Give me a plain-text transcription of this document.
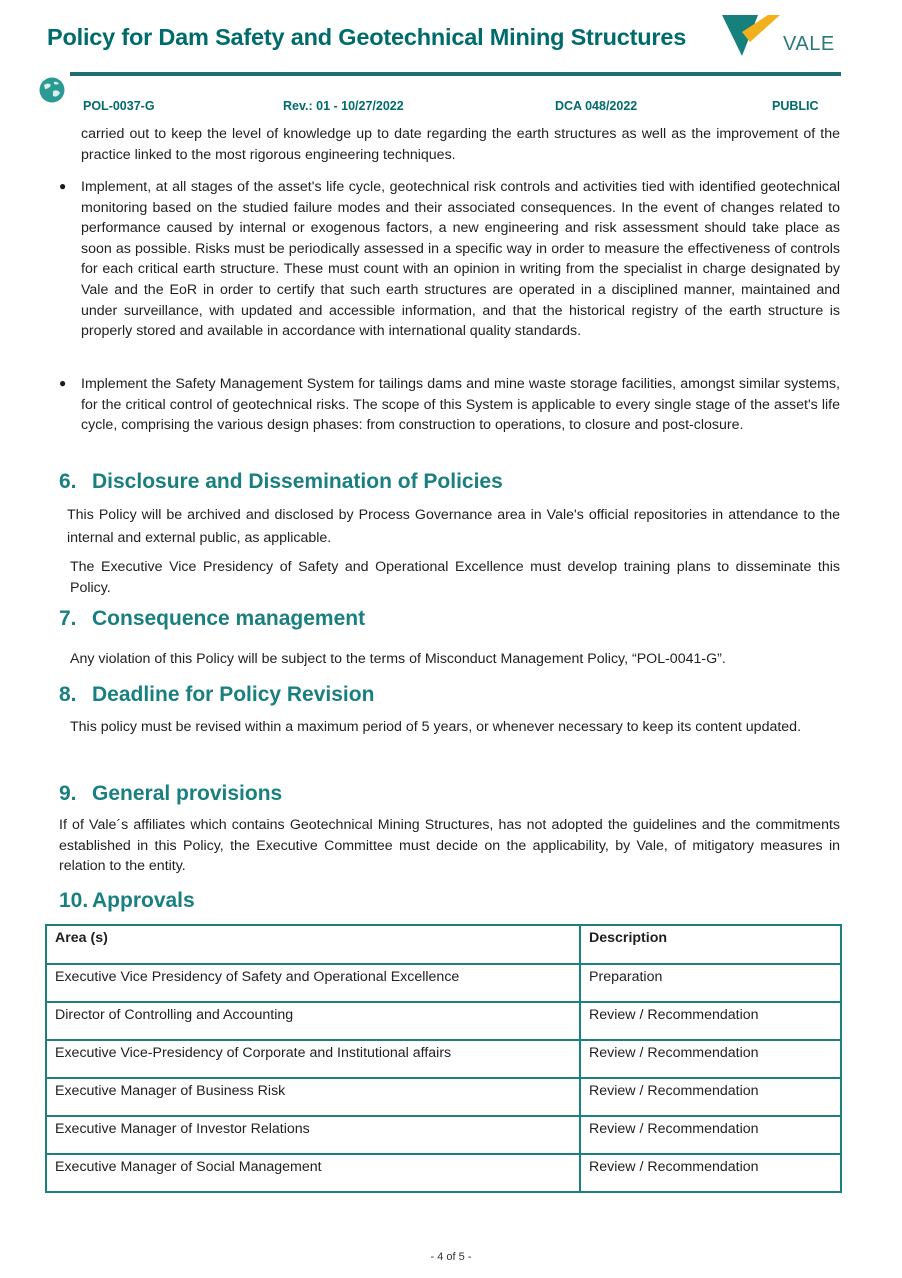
Policy for Dam Safety and Geotechnical Mining Structures	VALE
POL-0037-G	Rev.: 01 - 10/27/2022	DCA 048/2022	PUBLIC
carried out to keep the level of knowledge up to date regarding the earth structures as well as the improvement of the practice linked to the most rigorous engineering techniques.
● Implement, at all stages of the asset's life cycle, geotechnical risk controls and activities tied with identified geotechnical monitoring based on the studied failure modes and their associated consequences. In the event of changes related to performance caused by internal or exogenous factors, a new engineering and risk assessment should take place as soon as possible. Risks must be periodically assessed in a specific way in order to measure the effectiveness of controls for each critical earth structure. These must count with an opinion in writing from the specialist in charge designated by Vale and the EoR in order to certify that such earth structures are operated in a disciplined manner, maintained and under surveillance, with updated and accessible information, and that the historical registry of the earth structure is properly stored and available in accordance with international quality standards.
● Implement the Safety Management System for tailings dams and mine waste storage facilities, amongst similar systems, for the critical control of geotechnical risks. The scope of this System is applicable to every single stage of the asset's life cycle, comprising the various design phases: from construction to operations, to closure and post-closure.
6. Disclosure and Dissemination of Policies
This Policy will be archived and disclosed by Process Governance area in Vale's official repositories in attendance to the internal and external public, as applicable.
The Executive Vice Presidency of Safety and Operational Excellence must develop training plans to disseminate this Policy.
7. Consequence management
Any violation of this Policy will be subject to the terms of Misconduct Management Policy, “POL-0041-G”.
8. Deadline for Policy Revision
This policy must be revised within a maximum period of 5 years, or whenever necessary to keep its content updated.
9. General provisions
If of Vale´s affiliates which contains Geotechnical Mining Structures, has not adopted the guidelines and the commitments established in this Policy, the Executive Committee must decide on the applicability, by Vale, of mitigatory measures in relation to the entity.
10. Approvals
Area (s)	Description
Executive Vice Presidency of Safety and Operational Excellence	Preparation
Director of Controlling and Accounting	Review / Recommendation
Executive Vice-Presidency of Corporate and Institutional affairs	Review / Recommendation
Executive Manager of Business Risk	Review / Recommendation
Executive Manager of Investor Relations	Review / Recommendation
Executive Manager of Social Management	Review / Recommendation
- 4 of 5 -
